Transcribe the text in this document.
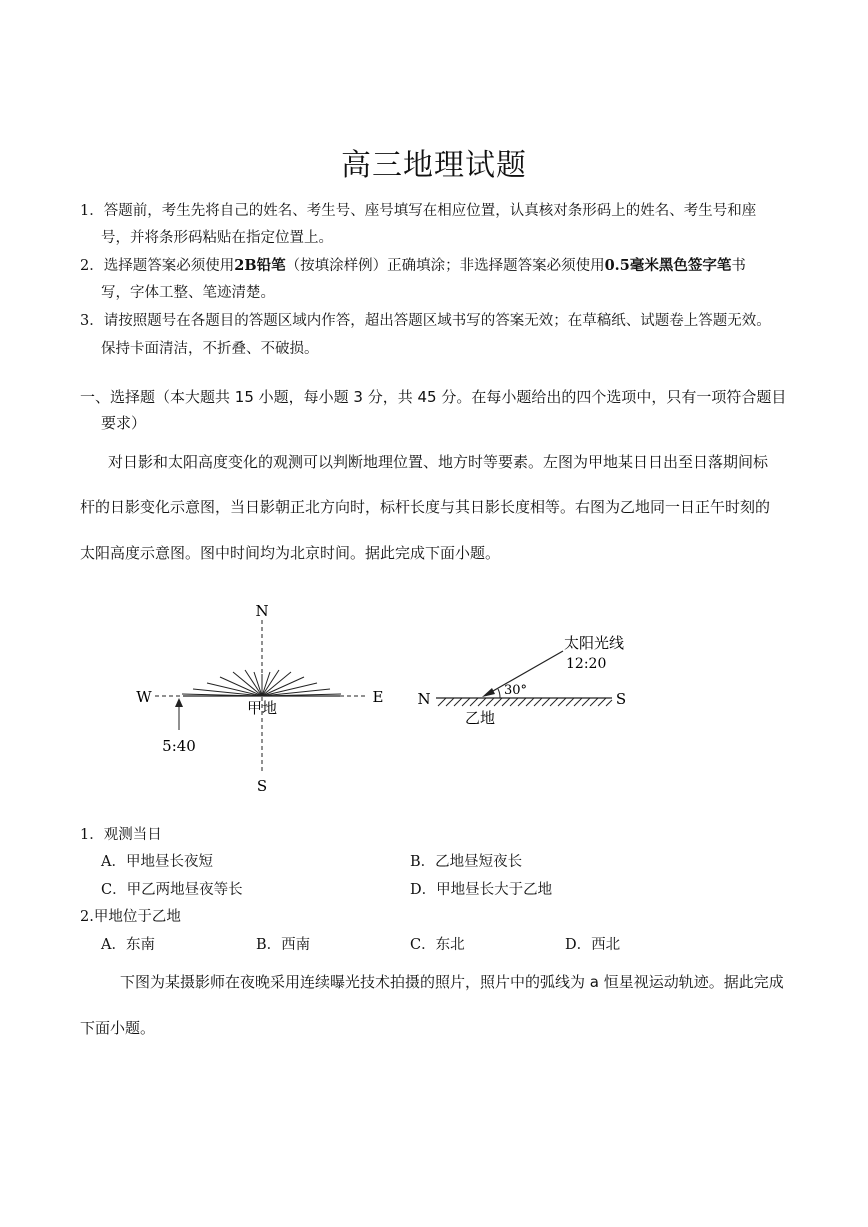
高三地理试题
1．答题前，考生先将自己的姓名、考生号、座号填写在相应位置，认真核对条形码上的姓名、考生号和座
号，并将条形码粘贴在指定位置上。
2．选择题答案必须使用2B铅笔（按填涂样例）正确填涂；非选择题答案必须使用0.5毫米黑色签字笔书
写，字体工整、笔迹清楚。
3．请按照题号在各题目的答题区域内作答，超出答题区域书写的答案无效；在草稿纸、试题卷上答题无效。
保持卡面清洁，不折叠、不破损。
一、选择题（本大题共 15 小题，每小题 3 分，共 45 分。在每小题给出的四个选项中，只有一项符合题目
要求）
对日影和太阳高度变化的观测可以判断地理位置、地方时等要素。左图为甲地某日日出至日落期间标
杆的日影变化示意图，当日影朝正北方向时，标杆长度与其日影长度相等。右图为乙地同一日正午时刻的
太阳高度示意图。图中时间均为北京时间。据此完成下面小题。
N
S
W	E
甲地
5:40
N	S
太阳光线
12:20
30°
乙地
1．观测当日
A．甲地昼长夜短	B．乙地昼短夜长
C．甲乙两地昼夜等长	D．甲地昼长大于乙地
2.甲地位于乙地
A．东南	B．西南	C．东北	D．西北
下图为某摄影师在夜晚采用连续曝光技术拍摄的照片，照片中的弧线为 a 恒星视运动轨迹。据此完成
下面小题。
